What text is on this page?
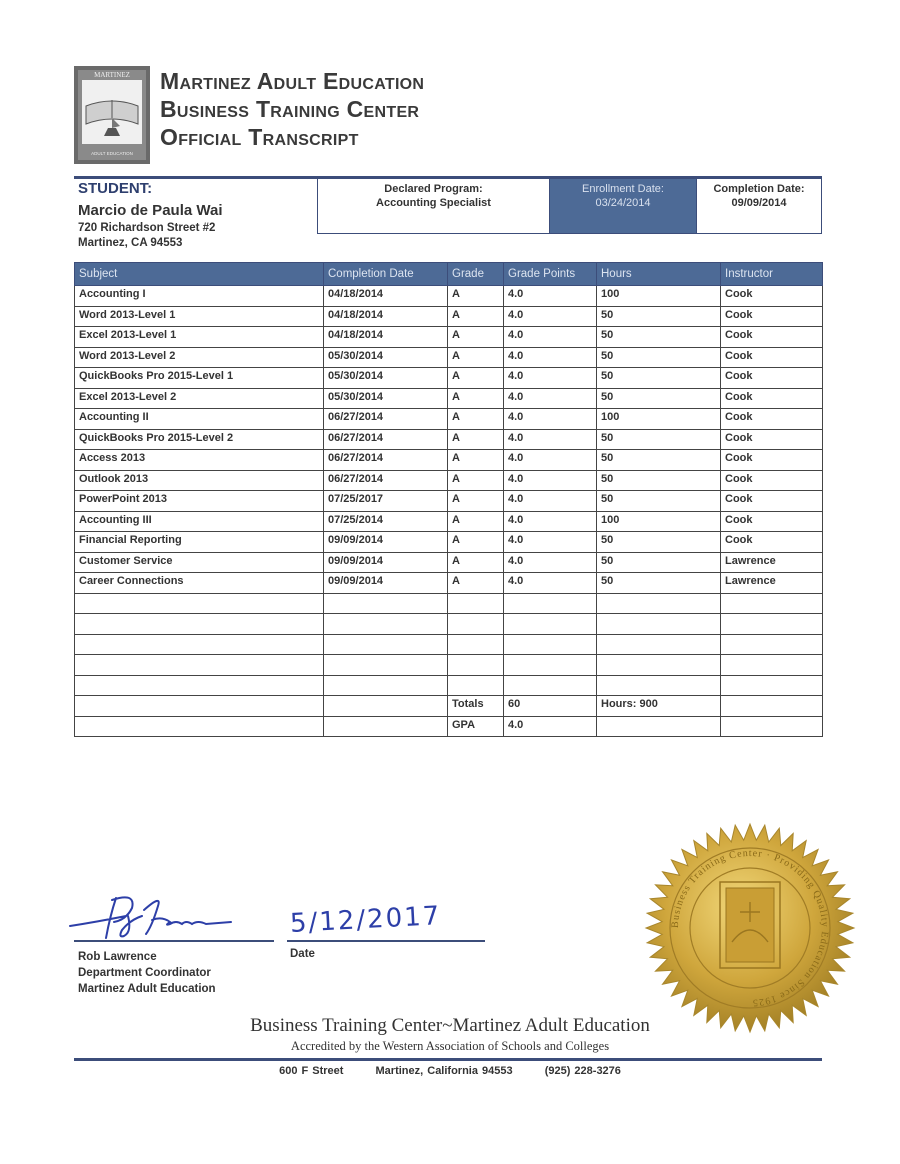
MARTINEZ
ADULT EDUCATION
Martinez Adult Education
Business Training Center
Official Transcript
STUDENT:
Marcio de Paula Wai
720 Richardson Street #2
Martinez, CA 94553
Declared Program:
Accounting Specialist
Enrollment Date:
03/24/2014
Completion Date:
09/09/2014
Subject	Completion Date	Grade	Grade Points	Hours	Instructor
Accounting I	04/18/2014	A	4.0	100	Cook
Word 2013-Level 1	04/18/2014	A	4.0	50	Cook
Excel 2013-Level 1	04/18/2014	A	4.0	50	Cook
Word 2013-Level 2	05/30/2014	A	4.0	50	Cook
QuickBooks Pro 2015-Level 1	05/30/2014	A	4.0	50	Cook
Excel 2013-Level 2	05/30/2014	A	4.0	50	Cook
Accounting II	06/27/2014	A	4.0	100	Cook
QuickBooks Pro 2015-Level 2	06/27/2014	A	4.0	50	Cook
Access 2013	06/27/2014	A	4.0	50	Cook
Outlook 2013	06/27/2014	A	4.0	50	Cook
PowerPoint 2013	07/25/2017	A	4.0	50	Cook
Accounting III	07/25/2014	A	4.0	100	Cook
Financial Reporting	09/09/2014	A	4.0	50	Cook
Customer Service	09/09/2014	A	4.0	50	Lawrence
Career Connections	09/09/2014	A	4.0	50	Lawrence

		Totals	60	Hours: 900	
		GPA	4.0		
5/12/2017
Date
Rob Lawrence
Department Coordinator
Martinez Adult Education
Business Training Center · Providing Quality Education Since 1925
Business Training Center~Martinez Adult Education
Accredited by the Western Association of Schools and Colleges
600 F Street	Martinez, California 94553	(925) 228-3276
